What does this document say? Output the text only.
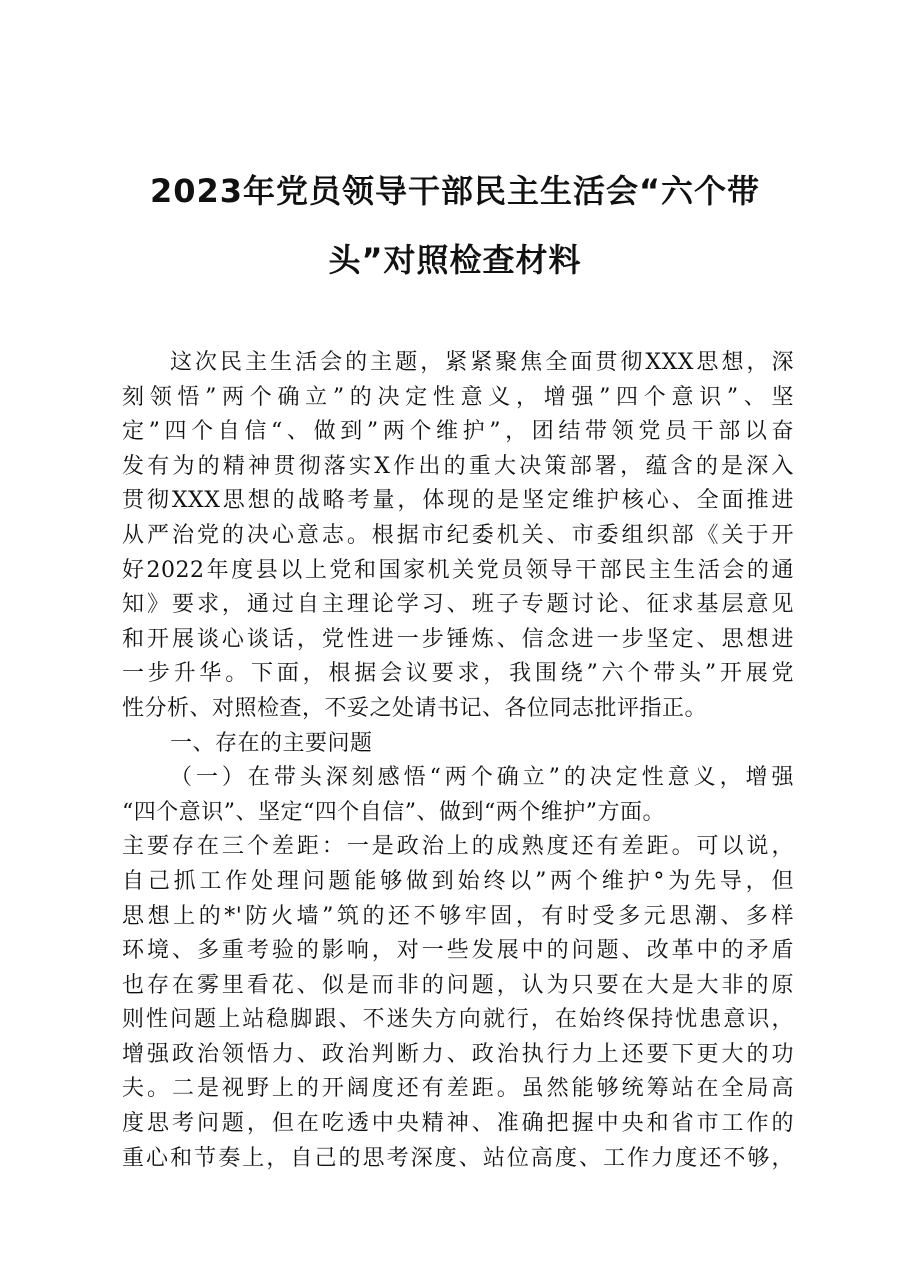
2023年党员领导干部民主生活会“六个带
头”对照检查材料
这次民主生活会的主题，紧紧聚焦全面贯彻XXX思想，深
刻领悟”两个确立”的决定性意义，增强”四个意识”、坚
定”四个自信“、做到”两个维护”，团结带领党员干部以奋
发有为的精神贯彻落实X作出的重大决策部署，蕴含的是深入
贯彻XXX思想的战略考量，体现的是坚定维护核心、全面推进
从严治党的决心意志。根据市纪委机关、市委组织部《关于开
好2022年度县以上党和国家机关党员领导干部民主生活会的通
知》要求，通过自主理论学习、班子专题讨论、征求基层意见
和开展谈心谈话，党性进一步锤炼、信念进一步坚定、思想进
一步升华。下面，根据会议要求，我围绕”六个带头”开展党
性分析、对照检查，不妥之处请书记、各位同志批评指正。
一、存在的主要问题
（一）在带头深刻感悟“两个确立”的决定性意义，增强
“四个意识”、坚定“四个自信”、做到“两个维护”方面。
主要存在三个差距：一是政治上的成熟度还有差距。可以说，
自己抓工作处理问题能够做到始终以”两个维护°为先导，但
思想上的*'防火墙”筑的还不够牢固，有时受多元思潮、多样
环境、多重考验的影响，对一些发展中的问题、改革中的矛盾
也存在雾里看花、似是而非的问题，认为只要在大是大非的原
则性问题上站稳脚跟、不迷失方向就行，在始终保持忧患意识，
增强政治领悟力、政治判断力、政治执行力上还要下更大的功
夫。二是视野上的开阔度还有差距。虽然能够统筹站在全局高
度思考问题，但在吃透中央精神、准确把握中央和省市工作的
重心和节奏上，自己的思考深度、站位高度、工作力度还不够，
